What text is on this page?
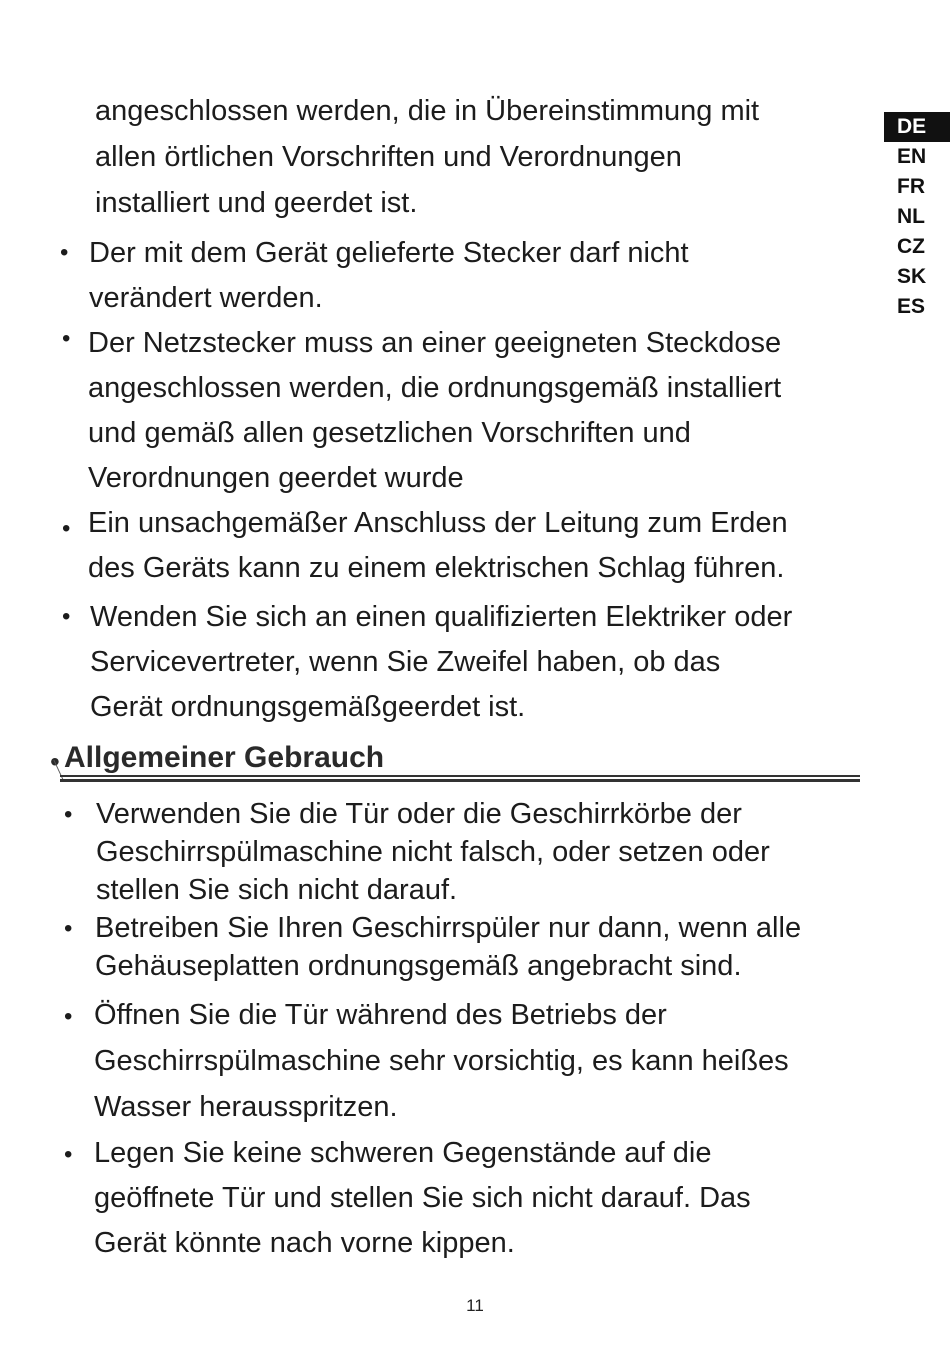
DE
EN
FR
NL
CZ
SK
ES
angeschlossen werden, die in Übereinstimmung mit
allen örtlichen Vorschriften und Verordnungen
installiert und geerdet ist.
• Der mit dem Gerät gelieferte Stecker darf nicht
verändert werden.
• Der Netzstecker muss an einer geeigneten Steckdose
angeschlossen werden, die ordnungsgemäß installiert
und gemäß allen gesetzlichen Vorschriften und
Verordnungen geerdet wurde
• Ein unsachgemäßer Anschluss der Leitung zum Erden
des Geräts kann zu einem elektrischen Schlag führen.
• Wenden Sie sich an einen qualifizierten Elektriker oder
Servicevertreter, wenn Sie Zweifel haben, ob das
Gerät ordnungsgemäßgeerdet ist.
• Allgemeiner Gebrauch
• Verwenden Sie die Tür oder die Geschirrkörbe der
Geschirrspülmaschine nicht falsch, oder setzen oder
stellen Sie sich nicht darauf.
• Betreiben Sie Ihren Geschirrspüler nur dann, wenn alle
Gehäuseplatten ordnungsgemäß angebracht sind.
• Öffnen Sie die Tür während des Betriebs der
Geschirrspülmaschine sehr vorsichtig, es kann heißes
Wasser herausspritzen.
• Legen Sie keine schweren Gegenstände auf die
geöffnete Tür und stellen Sie sich nicht darauf. Das
Gerät könnte nach vorne kippen.
11
